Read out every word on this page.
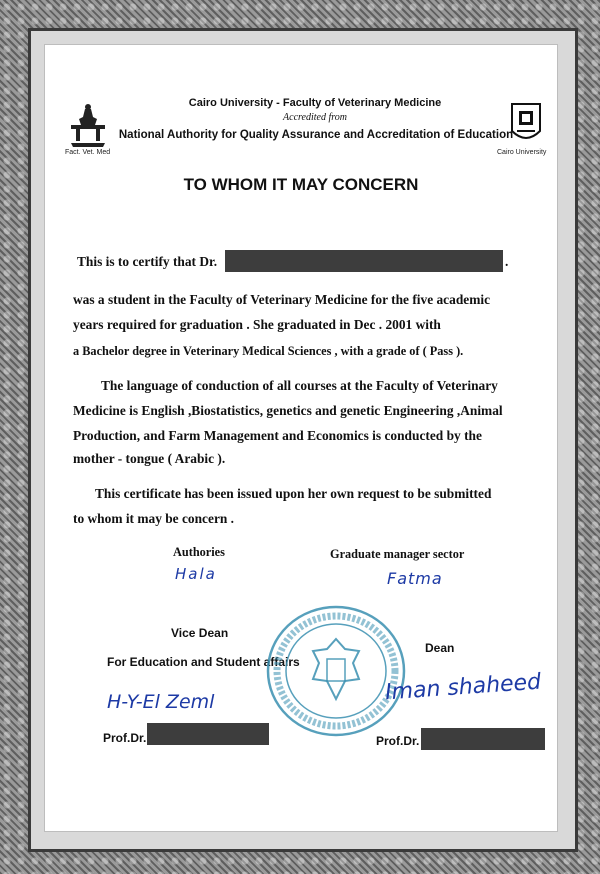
Fact. Vet. Med	Cairo University
Cairo University - Faculty of Veterinary Medicine
Accredited from
National Authority for Quality Assurance and Accreditation of Education
TO WHOM IT MAY CONCERN
This is to certify that Dr.	.
was a student in the Faculty of Veterinary Medicine for the five academic
years required for graduation . She graduated in Dec . 2001 with
a Bachelor degree in Veterinary Medical Sciences , with a grade of ( Pass ).
The language of conduction of all courses at the Faculty of Veterinary
Medicine is English ,Biostatistics, genetics and genetic Engineering ,Animal
Production, and Farm Management and Economics is conducted by the
mother - tongue ( Arabic ).
This certificate has been issued upon her own request to be submitted
to whom it may be concern .
Authories
Hala
Graduate manager sector
Fatma
Vice Dean
For Education and Student affairs
H-Y-El Zeml
Prof.Dr.
Dean
Iman shaheed
Prof.Dr.
